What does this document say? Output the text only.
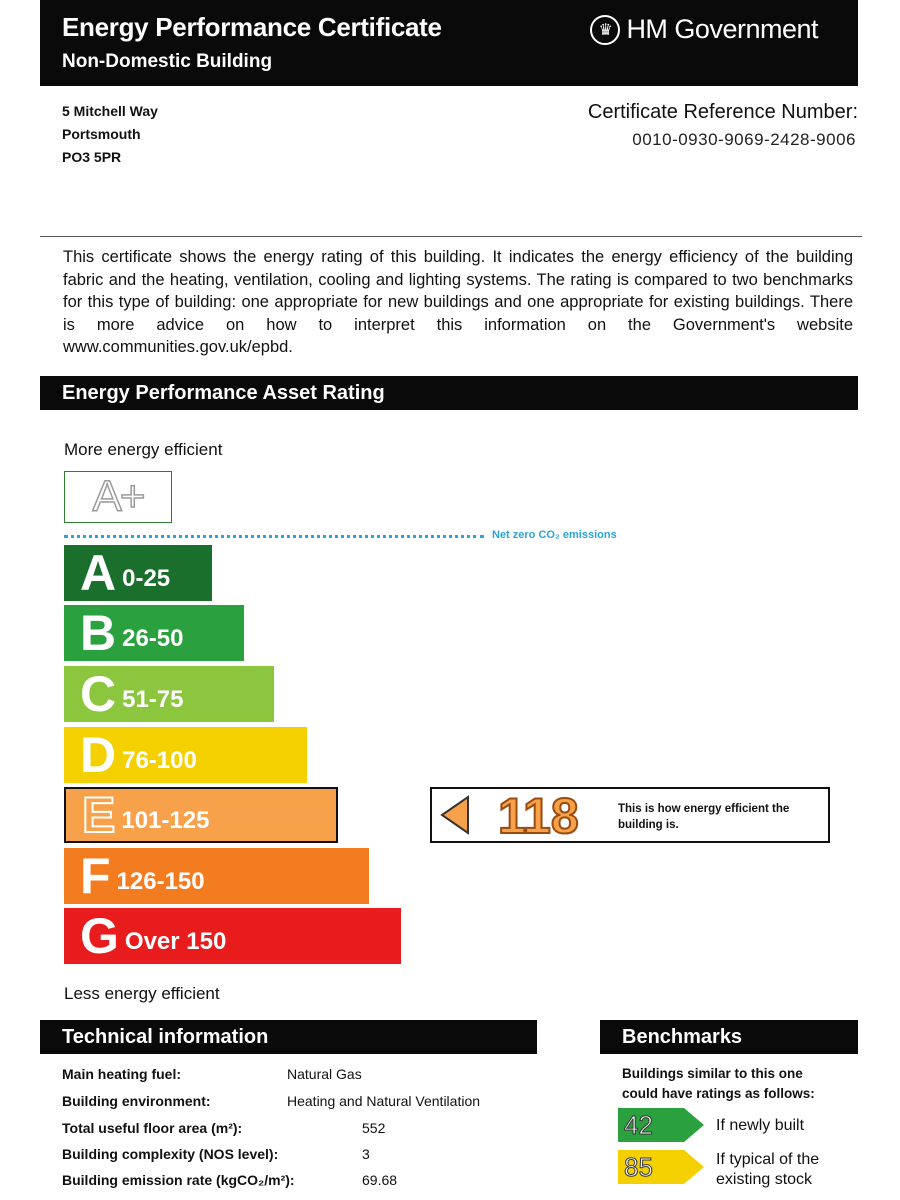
Energy Performance Certificate
Non-Domestic Building
♛ HM Government
5 Mitchell Way
Portsmouth
PO3 5PR
Certificate Reference Number:
0010-0930-9069-2428-9006
This certificate shows the energy rating of this building. It indicates the energy efficiency of the building fabric and the heating, ventilation, cooling and lighting systems. The rating is compared to two benchmarks for this type of building: one appropriate for new buildings and one appropriate for existing buildings. There is more advice on how to interpret this information on the Government's website www.communities.gov.uk/epbd.
Energy Performance Asset Rating
More energy efficient
A+
Net zero CO₂ emissions
A 0-25
B 26-50
C 51-75
D 76-100
E 101-125
F 126-150
G Over 150
118	This is how energy efficient the building is.
Less energy efficient
Technical information
Main heating fuel:	Natural Gas
Building environment:	Heating and Natural Ventilation
Total useful floor area (m²):	552
Building complexity (NOS level):	3
Building emission rate (kgCO₂/m²):	69.68
Benchmarks
Buildings similar to this one
could have ratings as follows:
42	If newly built
85	If typical of the
existing stock
